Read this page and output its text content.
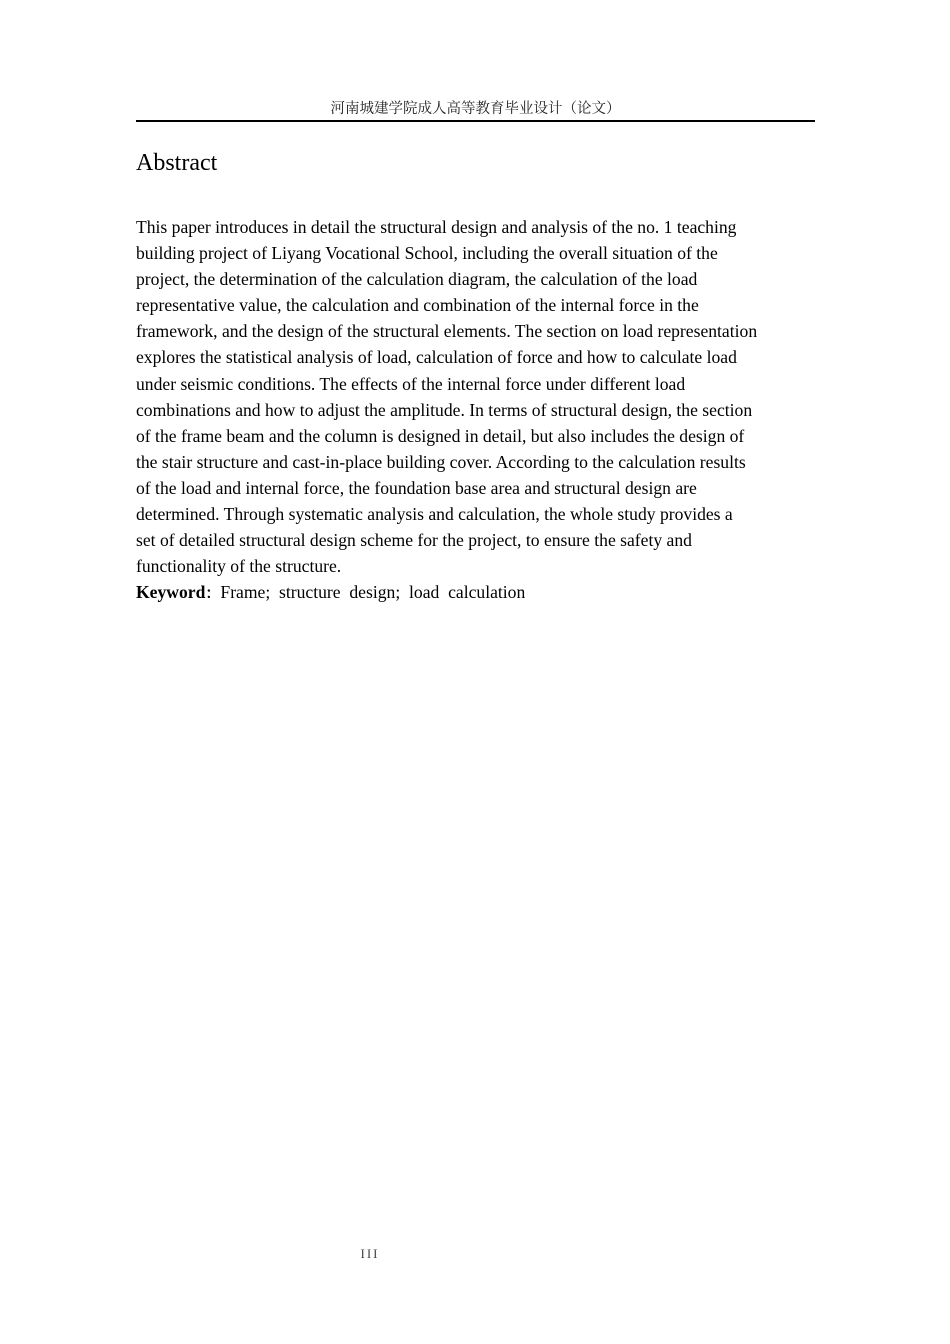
河南城建学院成人高等教育毕业设计（论文）
Abstract

This paper introduces in detail the structural design and analysis of the no. 1 teaching
building project of Liyang Vocational School, including the overall situation of the
project, the determination of the calculation diagram, the calculation of the load
representative value, the calculation and combination of the internal force in the
framework, and the design of the structural elements. The section on load representation
explores the statistical analysis of load, calculation of force and how to calculate load
under seismic conditions. The effects of the internal force under different load
combinations and how to adjust the amplitude. In terms of structural design, the section
of the frame beam and the column is designed in detail, but also includes the design of
the stair structure and cast-in-place building cover. According to the calculation results
of the load and internal force, the foundation base area and structural design are
determined. Through systematic analysis and calculation, the whole study provides a
set of detailed structural design scheme for the project, to ensure the safety and
functionality of the structure.

Keyword：Frame;  structure  design;  load  calculation

III
